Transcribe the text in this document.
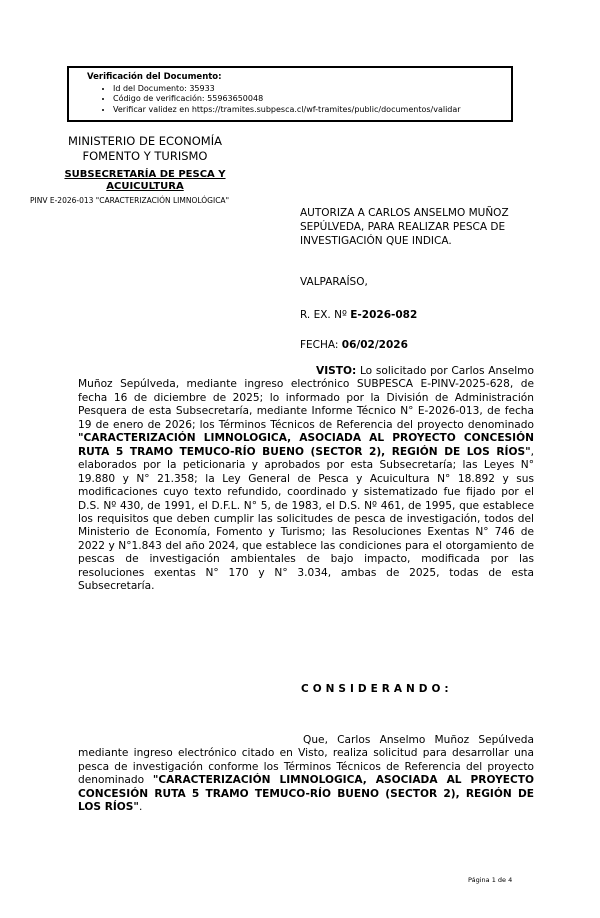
Verificación del Documento:
• Id del Documento: 35933
• Código de verificación: 55963650048
• Verificar validez en https://tramites.subpesca.cl/wf-tramites/public/documentos/validar
MINISTERIO DE ECONOMÍA
FOMENTO Y TURISMO
SUBSECRETARÍA DE PESCA Y
ACUICULTURA
PINV E-2026-013 "CARACTERIZACIÓN LIMNOLÓGICA"
AUTORIZA A CARLOS ANSELMO MUÑOZ SEPÚLVEDA, PARA REALIZAR PESCA DE INVESTIGACIÓN QUE INDICA.
VALPARAÍSO,
R. EX. Nº E-2026-082
FECHA: 06/02/2026

VISTO: Lo solicitado por Carlos Anselmo Muñoz Sepúlveda, mediante ingreso electrónico SUBPESCA E-PINV-2025-628, de fecha 16 de diciembre de 2025; lo informado por la División de Administración Pesquera de esta Subsecretaría, mediante Informe Técnico N° E-2026-013, de fecha 19 de enero de 2026; los Términos Técnicos de Referencia del proyecto denominado "CARACTERIZACIÓN LIMNOLOGICA, ASOCIADA AL PROYECTO CONCESIÓN RUTA 5 TRAMO TEMUCO-RÍO BUENO (SECTOR 2), REGIÓN DE LOS RÍOS", elaborados por la peticionaria y aprobados por esta Subsecretaría; las Leyes N° 19.880 y N° 21.358; la Ley General de Pesca y Acuicultura N° 18.892 y sus modificaciones cuyo texto refundido, coordinado y sistematizado fue fijado por el D.S. Nº 430, de 1991, el D.F.L. N° 5, de 1983, el D.S. Nº 461, de 1995, que establece los requisitos que deben cumplir las solicitudes de pesca de investigación, todos del Ministerio de Economía, Fomento y Turismo; las Resoluciones Exentas N° 746 de 2022 y N°1.843 del año 2024, que establece las condiciones para el otorgamiento de pescas de investigación ambientales de bajo impacto, modificada por las resoluciones exentas N° 170 y N° 3.034, ambas de 2025, todas de esta Subsecretaría.

CONSIDERANDO:

Que, Carlos Anselmo Muñoz Sepúlveda mediante ingreso electrónico citado en Visto, realiza solicitud para desarrollar una pesca de investigación conforme los Términos Técnicos de Referencia del proyecto denominado "CARACTERIZACIÓN LIMNOLOGICA, ASOCIADA AL PROYECTO CONCESIÓN RUTA 5 TRAMO TEMUCO-RÍO BUENO (SECTOR 2), REGIÓN DE LOS RÍOS".

Página 1 de 4
